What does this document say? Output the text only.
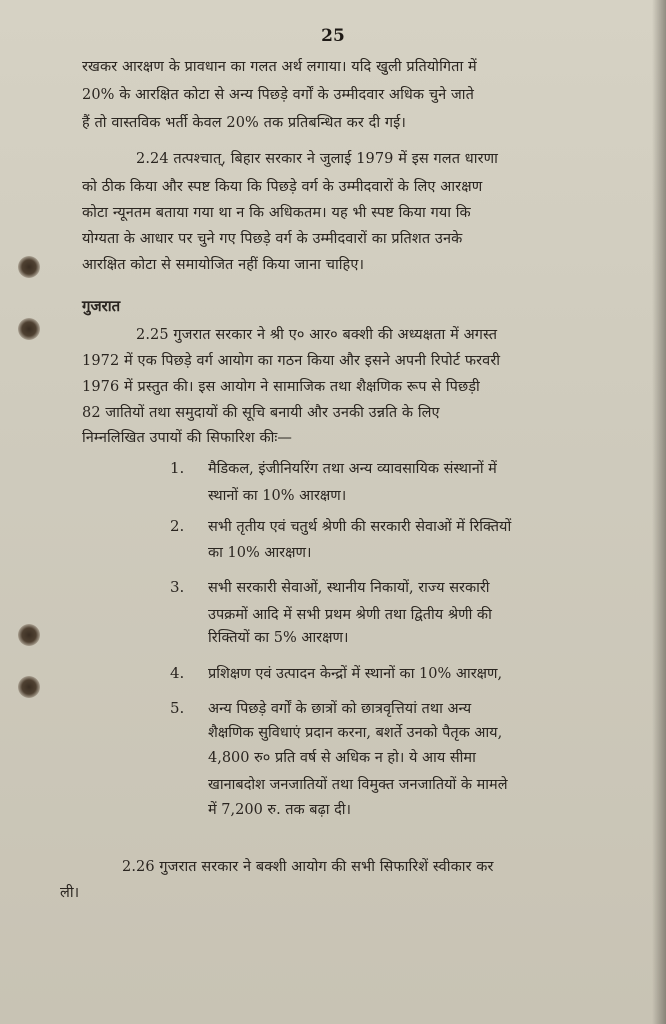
25
रखकर आरक्षण के प्रावधान का गलत अर्थ लगाया। यदि खुली प्रतियोगिता में
20% के आरक्षित कोटा से अन्य पिछड़े वर्गों के उम्मीदवार अधिक चुने जाते
हैं तो वास्तविक भर्ती केवल 20% तक प्रतिबन्धित कर दी गई।
2.24 तत्पश्चात्, बिहार सरकार ने जुलाई 1979 में इस गलत धारणा
को ठीक किया और स्पष्ट किया कि पिछड़े वर्ग के उम्मीदवारों के लिए आरक्षण
कोटा न्यूनतम बताया गया था न कि अधिकतम। यह भी स्पष्ट किया गया कि
योग्यता के आधार पर चुने गए पिछड़े वर्ग के उम्मीदवारों का प्रतिशत उनके
आरक्षित कोटा से समायोजित नहीं किया जाना चाहिए।
गुजरात
2.25 गुजरात सरकार ने श्री ए० आर० बक्शी की अध्यक्षता में अगस्त
1972 में एक पिछड़े वर्ग आयोग का गठन किया और इसने अपनी रिपोर्ट फरवरी
1976 में प्रस्तुत की। इस आयोग ने सामाजिक तथा शैक्षणिक रूप से पिछड़ी
82 जातियों तथा समुदायों की सूचि बनायी और उनकी उन्नति के लिए
निम्नलिखित उपायों की सिफारिश कीः—
1. मैडिकल, इंजीनियरिंग तथा अन्य व्यावसायिक संस्थानों में
स्थानों का 10% आरक्षण।
2. सभी तृतीय एवं चतुर्थ श्रेणी की सरकारी सेवाओं में रिक्तियों
का 10% आरक्षण।
3. सभी सरकारी सेवाओं, स्थानीय निकायों, राज्य सरकारी
उपक्रमों आदि में सभी प्रथम श्रेणी तथा द्वितीय श्रेणी की
रिक्तियों का 5% आरक्षण।
4. प्रशिक्षण एवं उत्पादन केन्द्रों में स्थानों का 10% आरक्षण,
5. अन्य पिछड़े वर्गों के छात्रों को छात्रवृत्तियां तथा अन्य
शैक्षणिक सुविधाएं प्रदान करना, बशर्ते उनको पैतृक आय,
4,800 रु० प्रति वर्ष से अधिक न हो। ये आय सीमा
खानाबदोश जनजातियों तथा विमुक्त जनजातियों के मामले
में 7,200 रु. तक बढ़ा दी।
2.26 गुजरात सरकार ने बक्शी आयोग की सभी सिफारिशें स्वीकार कर
ली।
